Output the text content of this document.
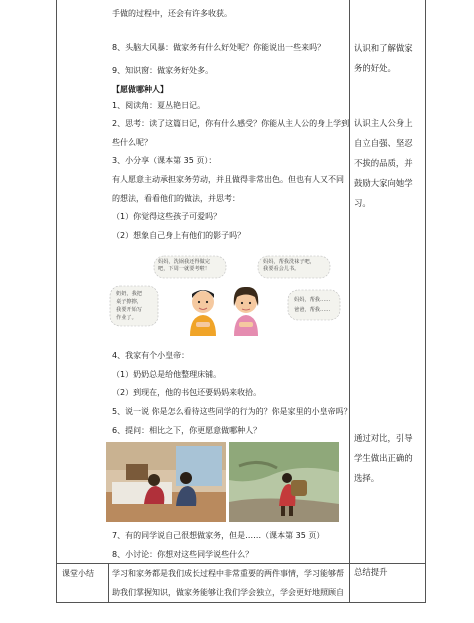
手做的过程中，还会有许多收获。
8、头脑大风暴：做家务有什么好处呢？你能说出一些来吗？
9、知识窗：做家务好处多。
【愿做哪种人】
1、阅读角：夏丛艳日记。
2、思考：读了这篇日记，你有什么感受？你能从主人公的身上学到
些什么呢？
3、小分享（课本第 35 页）：
有人愿意主动承担家务劳动，并且做得非常出色。但也有人又不同
的想法，看看他们的做法，并思考：
（1）你觉得这些孩子可爱吗？
（2）想象自己身上有他们的影子吗？
妈妈，洗锅我还得做完
吧，下周一就要考啦！
妈妈，帮我洗袜子吧，
我要看会儿书。
奶奶，我把
桌子擦擦，
我要开始写
作业了。
妈妈，帮我……
爸爸，帮我……
4、我家有个小皇帝：
（1）奶奶总是给他整理床铺。
（2）到现在，他的书包还要妈妈来收拾。
5、说一说 你是怎么看待这些同学的行为的？你是家里的小皇帝吗？
6、提问：相比之下，你更愿意做哪种人？
7、有的同学说自己很想做家务，但是……（课本第 35 页）
8、小讨论：你想对这些同学说些什么？
学习和家务都是我们成长过程中非常重要的两件事情，学习能够帮
助我们掌握知识，做家务能够让我们学会独立，学会更好地照顾自
课堂小结
认识和了解做家
务的好处。
认识主人公身上
自立自强、坚忍
不拔的品质，并
鼓励大家向她学
习。
通过对比，引导
学生做出正确的
选择。
总结提升
